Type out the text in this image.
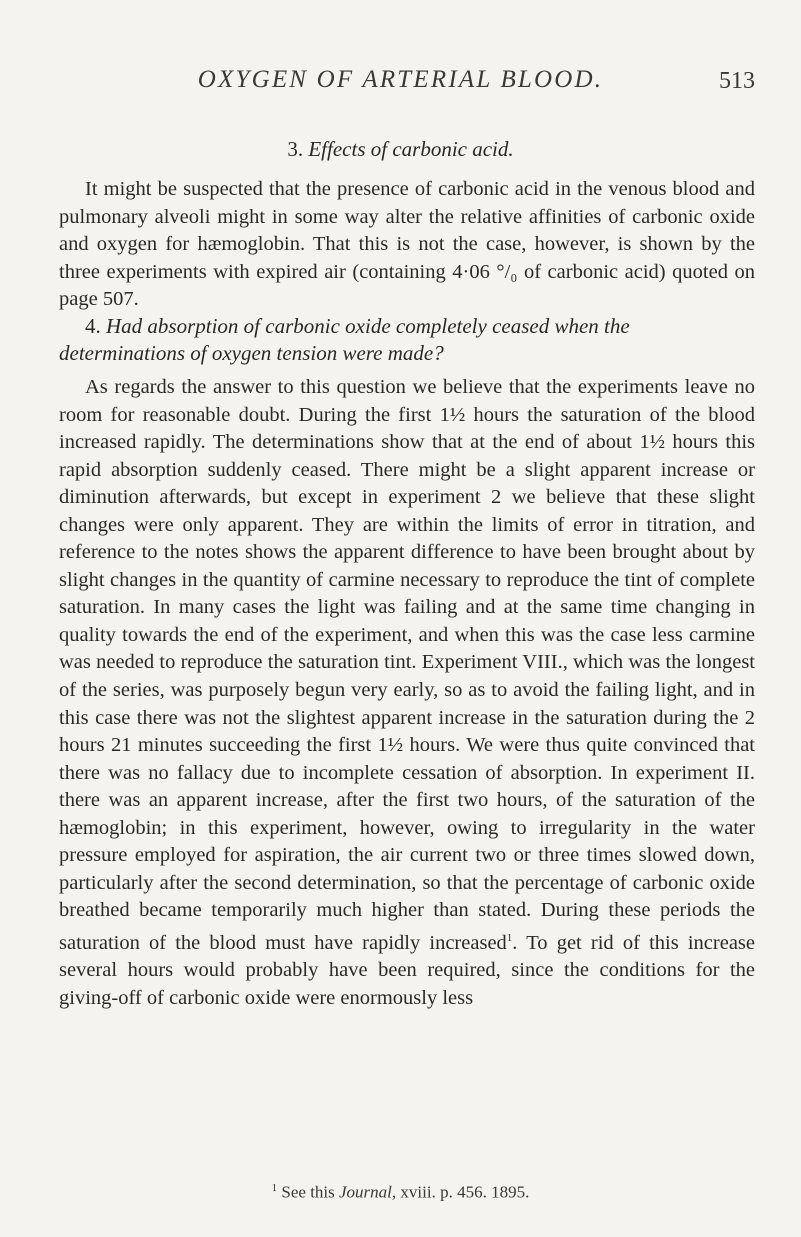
OXYGEN OF ARTERIAL BLOOD.	513
3. Effects of carbonic acid.

It might be suspected that the presence of carbonic acid in the venous blood and pulmonary alveoli might in some way alter the relative affinities of carbonic oxide and oxygen for hæmoglobin. That this is not the case, however, is shown by the three experiments with expired air (containing 4·06 °/₀ of carbonic acid) quoted on page 507.

4. Had absorption of carbonic oxide completely ceased when the determinations of oxygen tension were made?

As regards the answer to this question we believe that the experiments leave no room for reasonable doubt. During the first 1½ hours the saturation of the blood increased rapidly. The determinations show that at the end of about 1½ hours this rapid absorption suddenly ceased. There might be a slight apparent increase or diminution afterwards, but except in experiment 2 we believe that these slight changes were only apparent. They are within the limits of error in titration, and reference to the notes shows the apparent difference to have been brought about by slight changes in the quantity of carmine necessary to reproduce the tint of complete saturation. In many cases the light was failing and at the same time changing in quality towards the end of the experiment, and when this was the case less carmine was needed to reproduce the saturation tint. Experiment VIII., which was the longest of the series, was purposely begun very early, so as to avoid the failing light, and in this case there was not the slightest apparent increase in the saturation during the 2 hours 21 minutes succeeding the first 1½ hours. We were thus quite convinced that there was no fallacy due to incomplete cessation of absorption. In experiment II. there was an apparent increase, after the first two hours, of the saturation of the hæmoglobin; in this experiment, however, owing to irregularity in the water pressure employed for aspiration, the air current two or three times slowed down, particularly after the second determination, so that the percentage of carbonic oxide breathed became temporarily much higher than stated. During these periods the saturation of the blood must have rapidly increased$^1$. To get rid of this increase several hours would probably have been required, since the conditions for the giving-off of carbonic oxide were enormously less

$^1$ See this Journal, xviii. p. 456. 1895.
